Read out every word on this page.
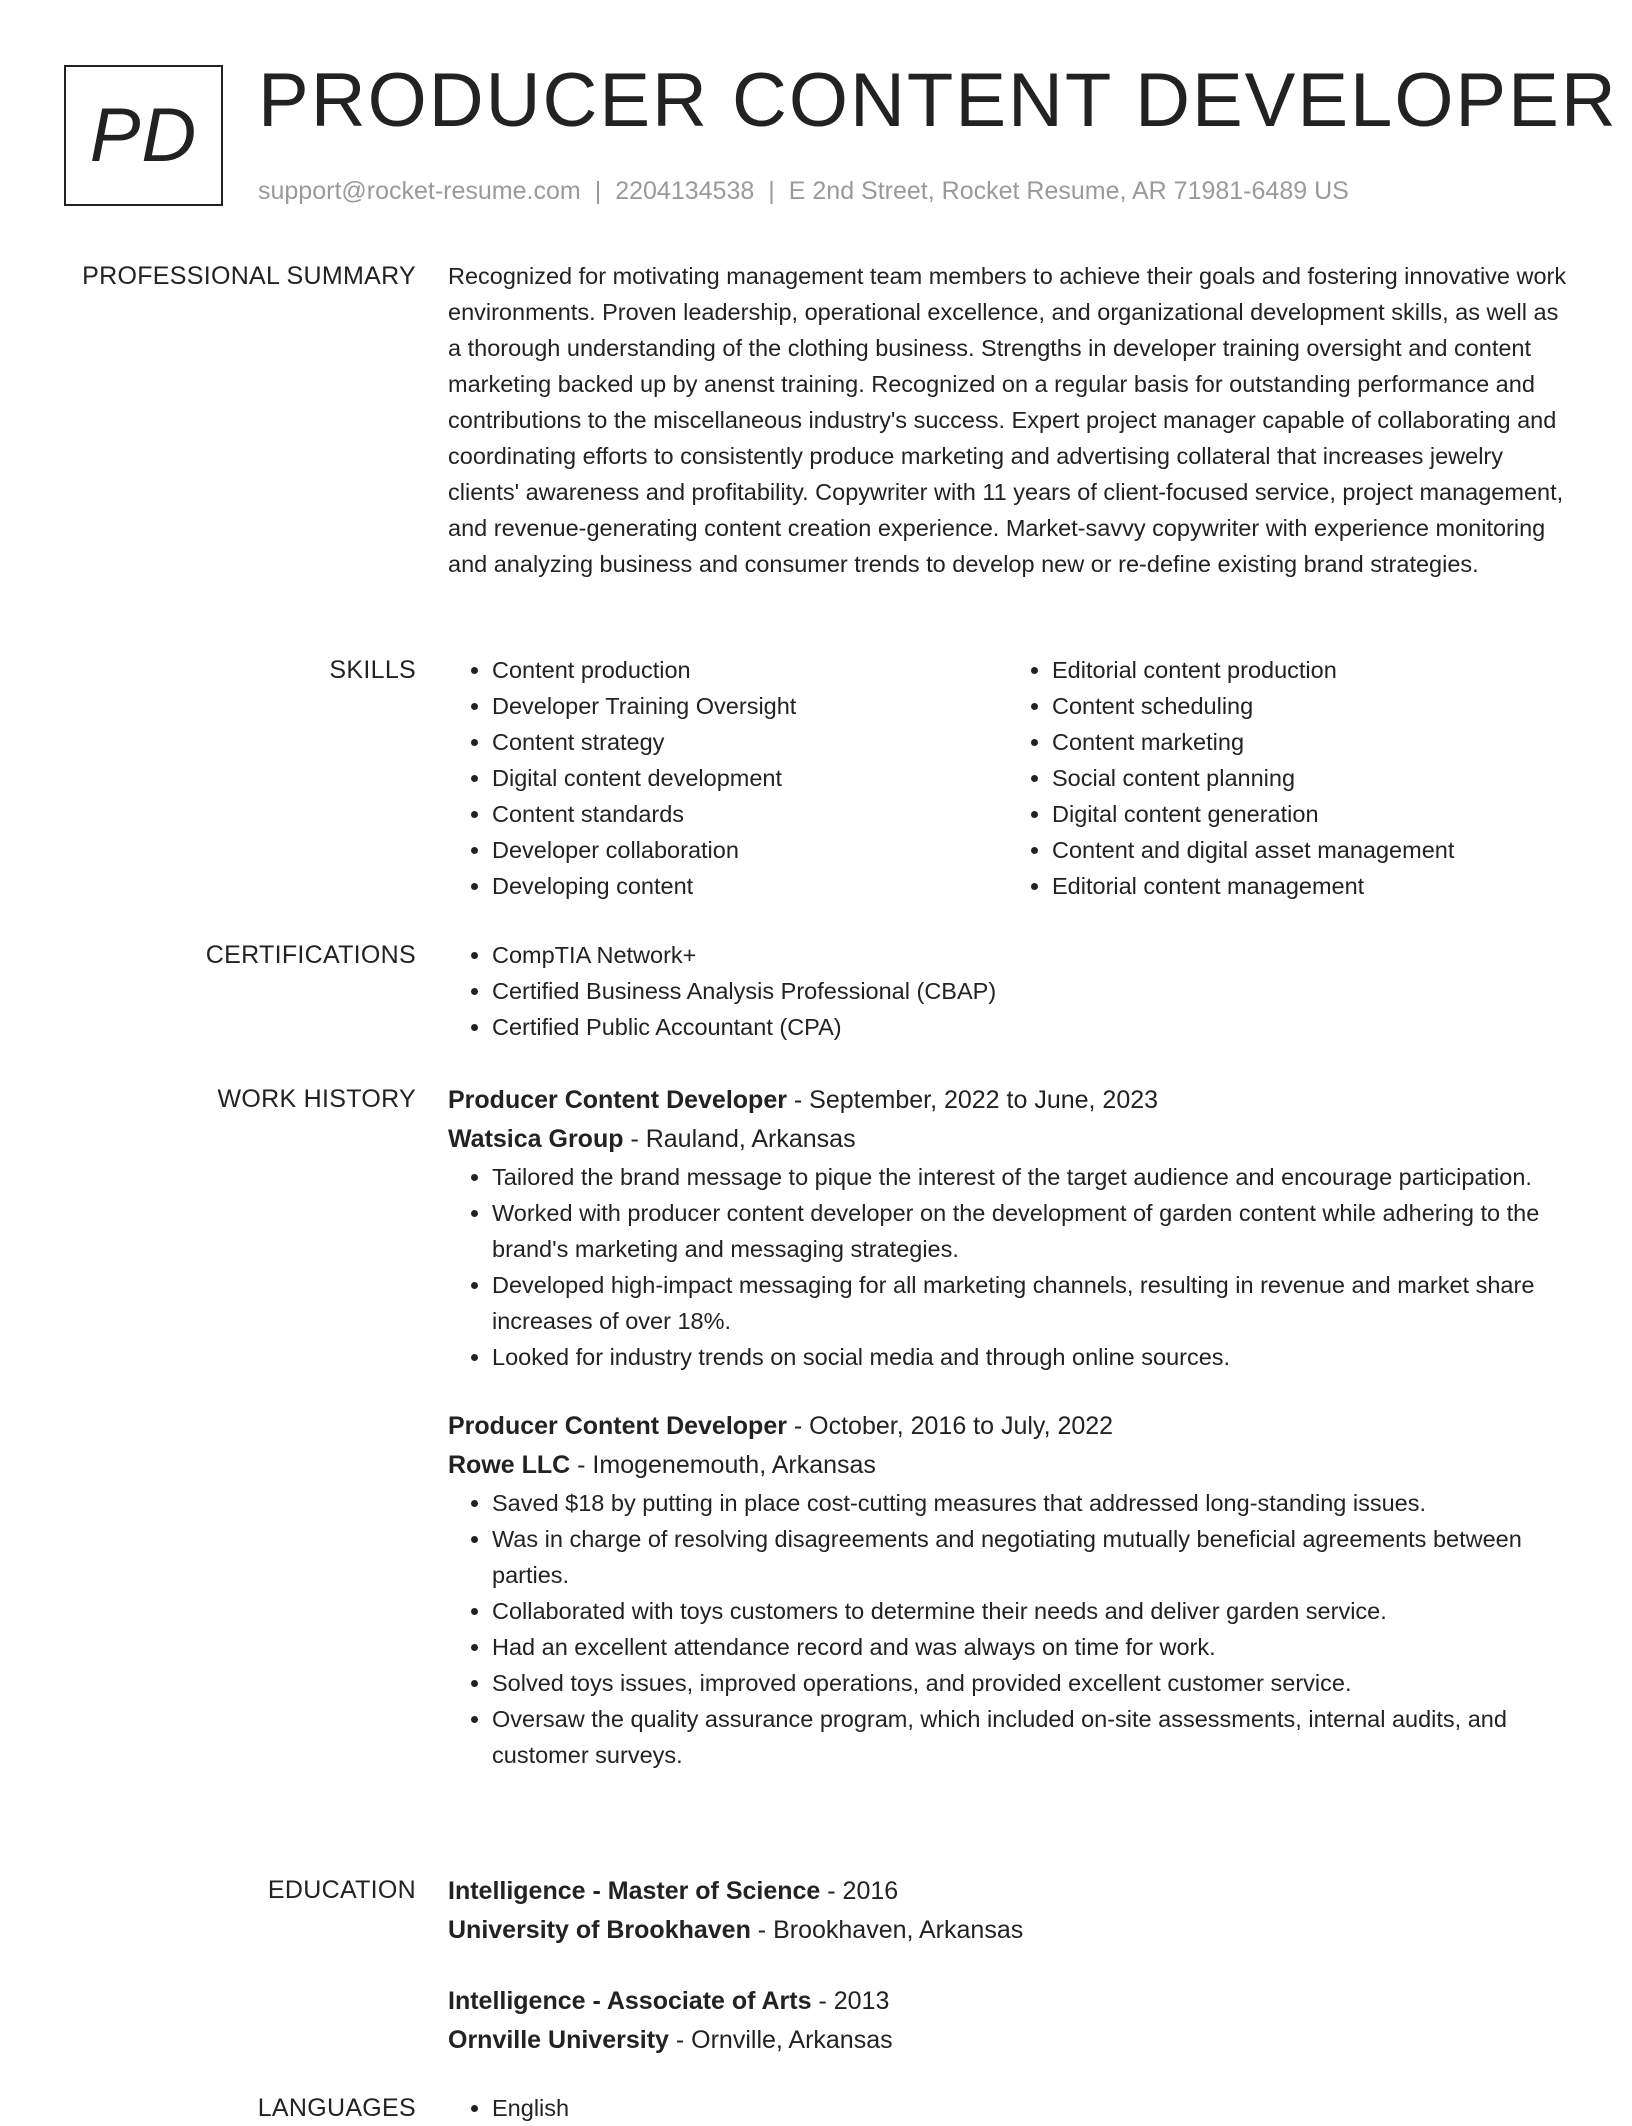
PD PRODUCER CONTENT DEVELOPER
support@rocket-resume.com | 2204134538 | E 2nd Street, Rocket Resume, AR 71981-6489 US
PROFESSIONAL SUMMARY Recognized for motivating management team members to achieve their goals and fostering innovative work environments. Proven leadership, operational excellence, and organizational development skills, as well as a thorough understanding of the clothing business. Strengths in developer training oversight and content marketing backed up by anenst training. Recognized on a regular basis for outstanding performance and contributions to the miscellaneous industry's success. Expert project manager capable of collaborating and coordinating efforts to consistently produce marketing and advertising collateral that increases jewelry clients' awareness and profitability. Copywriter with 11 years of client-focused service, project management, and revenue-generating content creation experience. Market-savvy copywriter with experience monitoring and analyzing business and consumer trends to develop new or re-define existing brand strategies.

SKILLS	• Content production
• Developer Training Oversight
• Content strategy
• Digital content development
• Content standards
• Developer collaboration
• Developing content
• Editorial content production
• Content scheduling
• Content marketing
• Social content planning
• Digital content generation
• Content and digital asset management
• Editorial content management
CERTIFICATIONS	• CompTIA Network+
• Certified Business Analysis Professional (CBAP)
• Certified Public Accountant (CPA)
WORK HISTORY Producer Content Developer - September, 2022 to June, 2023
Watsica Group - Rauland, Arkansas
• Tailored the brand message to pique the interest of the target audience and encourage participation.
• Worked with producer content developer on the development of garden content while adhering to the brand's marketing and messaging strategies.
• Developed high-impact messaging for all marketing channels, resulting in revenue and market share increases of over 18%.
• Looked for industry trends on social media and through online sources.
Producer Content Developer - October, 2016 to July, 2022
Rowe LLC - Imogenemouth, Arkansas
• Saved $18 by putting in place cost-cutting measures that addressed long-standing issues.
• Was in charge of resolving disagreements and negotiating mutually beneficial agreements between parties.
• Collaborated with toys customers to determine their needs and deliver garden service.
• Had an excellent attendance record and was always on time for work.
• Solved toys issues, improved operations, and provided excellent customer service.
• Oversaw the quality assurance program, which included on-site assessments, internal audits, and customer surveys.
EDUCATION Intelligence - Master of Science - 2016
University of Brookhaven - Brookhaven, Arkansas
Intelligence - Associate of Arts - 2013
Ornville University - Ornville, Arkansas
LANGUAGES	• English
